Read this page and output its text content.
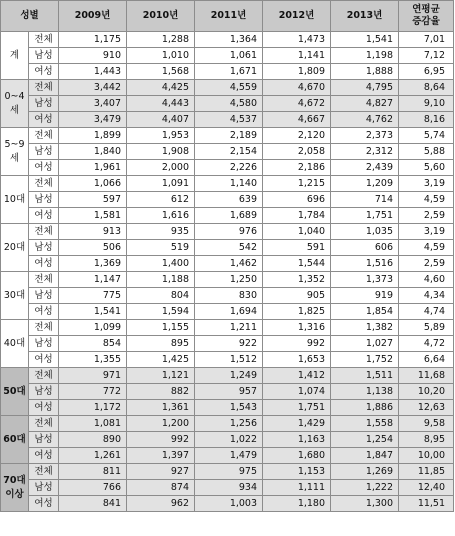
성별		2009년	2010년	2011년	2012년	2013년	연평균
증감율
계	전체	1,175	1,288	1,364	1,473	1,541	7,01
	남성	910	1,010	1,061	1,141	1,198	7,12
	여성	1,443	1,568	1,671	1,809	1,888	6,95
0~4
세	전체	3,442	4,425	4,559	4,670	4,795	8,64
	남성	3,407	4,443	4,580	4,672	4,827	9,10
	여성	3,479	4,407	4,537	4,667	4,762	8,16
5~9
세	전체	1,899	1,953	2,189	2,120	2,373	5,74
	남성	1,840	1,908	2,154	2,058	2,312	5,88
	여성	1,961	2,000	2,226	2,186	2,439	5,60
10대	전체	1,066	1,091	1,140	1,215	1,209	3,19
	남성	597	612	639	696	714	4,59
	여성	1,581	1,616	1,689	1,784	1,751	2,59
20대	전체	913	935	976	1,040	1,035	3,19
	남성	506	519	542	591	606	4,59
	여성	1,369	1,400	1,462	1,544	1,516	2,59
30대	전체	1,147	1,188	1,250	1,352	1,373	4,60
	남성	775	804	830	905	919	4,34
	여성	1,541	1,594	1,694	1,825	1,854	4,74
40대	전체	1,099	1,155	1,211	1,316	1,382	5,89
	남성	854	895	922	992	1,027	4,72
	여성	1,355	1,425	1,512	1,653	1,752	6,64
50대	전체	971	1,121	1,249	1,412	1,511	11,68
	남성	772	882	957	1,074	1,138	10,20
	여성	1,172	1,361	1,543	1,751	1,886	12,63
60대	전체	1,081	1,200	1,256	1,429	1,558	9,58
	남성	890	992	1,022	1,163	1,254	8,95
	여성	1,261	1,397	1,479	1,680	1,847	10,00
70대
이상	전체	811	927	975	1,153	1,269	11,85
	남성	766	874	934	1,111	1,222	12,40
	여성	841	962	1,003	1,180	1,300	11,51
